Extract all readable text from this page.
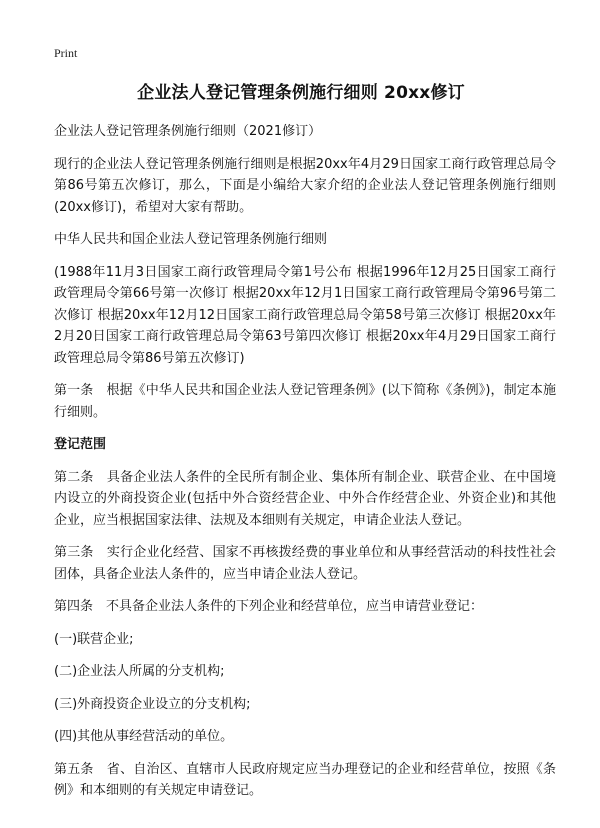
Print
企业法人登记管理条例施行细则 20xx修订

企业法人登记管理条例施行细则（2021修订）

现行的企业法人登记管理条例施行细则是根据20xx年4月29日国家工商行政管理总局令第86号第五次修订，那么，下面是小编给大家介绍的企业法人登记管理条例施行细则(20xx修订)，希望对大家有帮助。

中华人民共和国企业法人登记管理条例施行细则

(1988年11月3日国家工商行政管理局令第1号公布 根据1996年12月25日国家工商行政管理局令第66号第一次修订 根据20xx年12月1日国家工商行政管理局令第96号第二次修订 根据20xx年12月12日国家工商行政管理总局令第58号第三次修订 根据20xx年2月20日国家工商行政管理总局令第63号第四次修订 根据20xx年4月29日国家工商行政管理总局令第86号第五次修订)

第一条　根据《中华人民共和国企业法人登记管理条例》(以下简称《条例》)，制定本施行细则。

登记范围

第二条　具备企业法人条件的全民所有制企业、集体所有制企业、联营企业、在中国境内设立的外商投资企业(包括中外合资经营企业、中外合作经营企业、外资企业)和其他企业，应当根据国家法律、法规及本细则有关规定，申请企业法人登记。

第三条　实行企业化经营、国家不再核拨经费的事业单位和从事经营活动的科技性社会团体，具备企业法人条件的，应当申请企业法人登记。

第四条　不具备企业法人条件的下列企业和经营单位，应当申请营业登记：

(一)联营企业;

(二)企业法人所属的分支机构;

(三)外商投资企业设立的分支机构;

(四)其他从事经营活动的单位。

第五条　省、自治区、直辖市人民政府规定应当办理登记的企业和经营单位，按照《条例》和本细则的有关规定申请登记。
